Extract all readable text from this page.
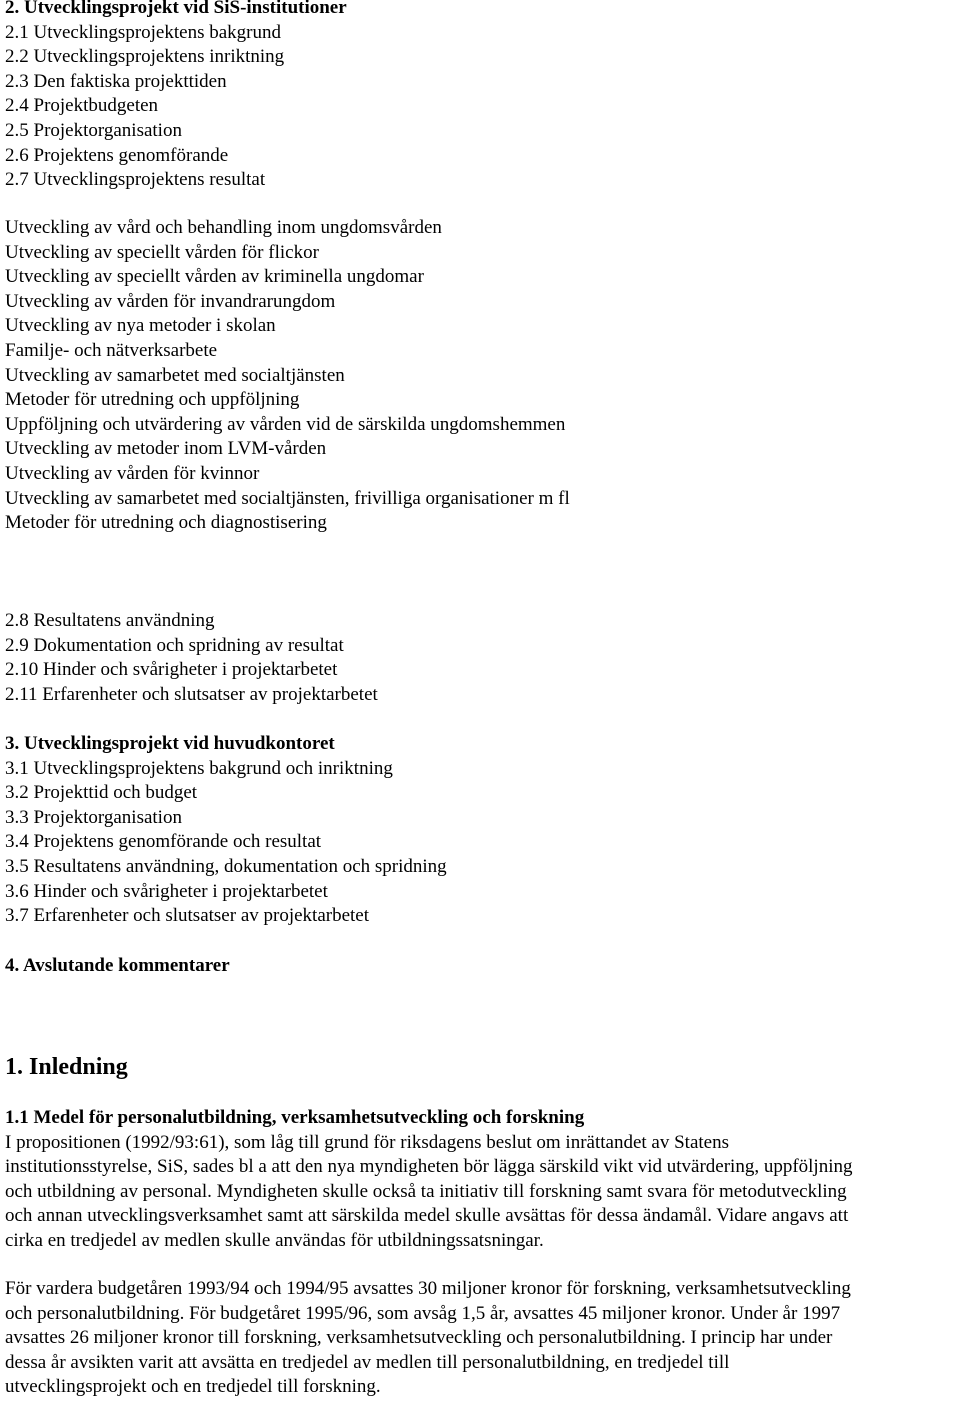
2. Utvecklingsprojekt vid SiS-institutioner
2.1 Utvecklingsprojektens bakgrund
2.2 Utvecklingsprojektens inriktning
2.3 Den faktiska projekttiden
2.4 Projektbudgeten
2.5 Projektorganisation
2.6 Projektens genomförande
2.7 Utvecklingsprojektens resultat
Utveckling av vård och behandling inom ungdomsvården
Utveckling av speciellt vården för flickor
Utveckling av speciellt vården av kriminella ungdomar
Utveckling av vården för invandrarungdom
Utveckling av nya metoder i skolan
Familje- och nätverksarbete
Utveckling av samarbetet med socialtjänsten
Metoder för utredning och uppföljning
Uppföljning och utvärdering av vården vid de särskilda ungdomshemmen
Utveckling av metoder inom LVM-vården
Utveckling av vården för kvinnor
Utveckling av samarbetet med socialtjänsten, frivilliga organisationer m fl
Metoder för utredning och diagnostisering
2.8 Resultatens användning
2.9 Dokumentation och spridning av resultat
2.10 Hinder och svårigheter i projektarbetet
2.11 Erfarenheter och slutsatser av projektarbetet
3. Utvecklingsprojekt vid huvudkontoret
3.1 Utvecklingsprojektens bakgrund och inriktning
3.2 Projekttid och budget
3.3 Projektorganisation
3.4 Projektens genomförande och resultat
3.5 Resultatens användning, dokumentation och spridning
3.6 Hinder och svårigheter i projektarbetet
3.7 Erfarenheter och slutsatser av projektarbetet
4. Avslutande kommentarer
1. Inledning
1.1 Medel för personalutbildning, verksamhetsutveckling och forskning
I propositionen (1992/93:61), som låg till grund för riksdagens beslut om inrättandet av Statens
institutionsstyrelse, SiS, sades bl a att den nya myndigheten bör lägga särskild vikt vid utvärdering, uppföljning
och utbildning av personal. Myndigheten skulle också ta initiativ till forskning samt svara för metodutveckling
och annan utvecklingsverksamhet samt att särskilda medel skulle avsättas för dessa ändamål. Vidare angavs att
cirka en tredjedel av medlen skulle användas för utbildningssatsningar.
För vardera budgetåren 1993/94 och 1994/95 avsattes 30 miljoner kronor för forskning, verksamhetsutveckling
och personalutbildning. För budgetåret 1995/96, som avsåg 1,5 år, avsattes 45 miljoner kronor. Under år 1997
avsattes 26 miljoner kronor till forskning, verksamhetsutveckling och personalutbildning. I princip har under
dessa år avsikten varit att avsätta en tredjedel av medlen till personalutbildning, en tredjedel till
utvecklingsprojekt och en tredjedel till forskning.
